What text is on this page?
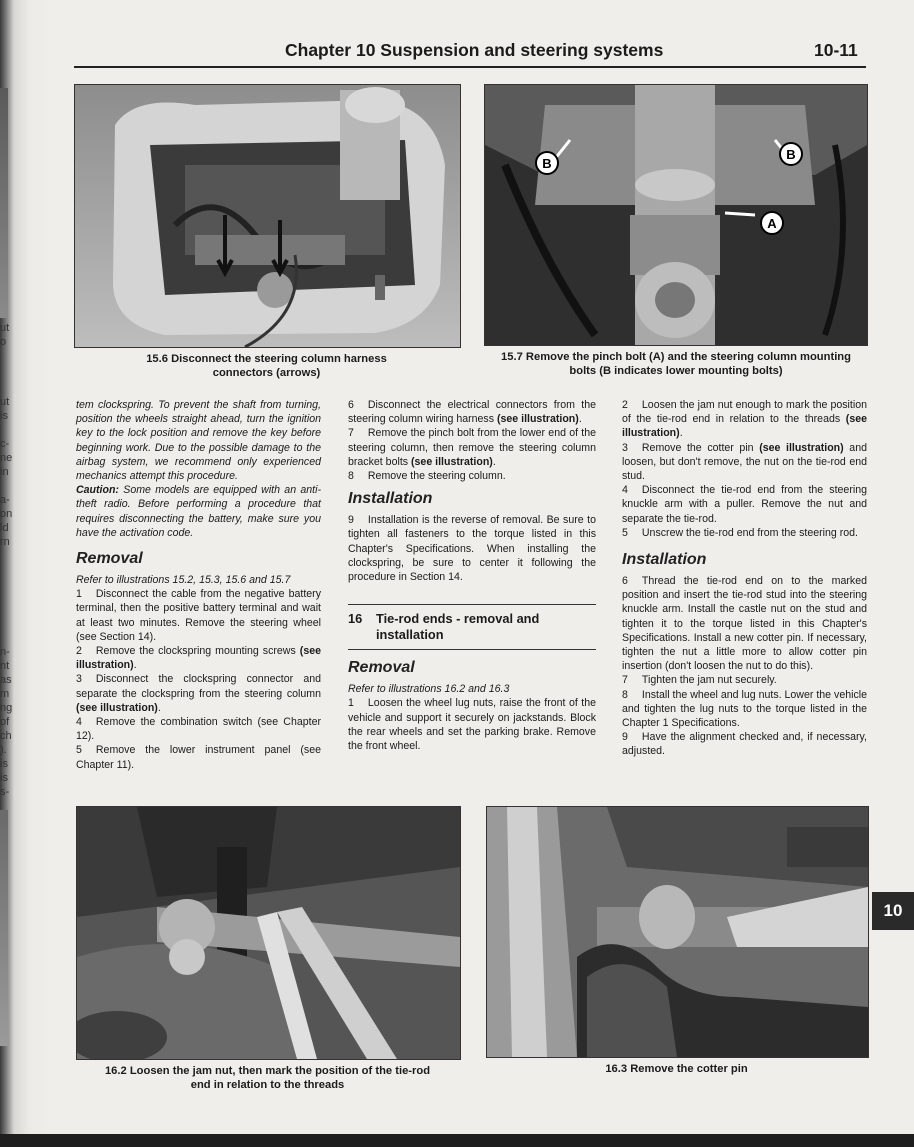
ut
o
ut
is
c-
ne
in
a-
on
ld
rn
n-
nt
as
m
ng
of
ch
).
is
is
s-
Chapter 10 Suspension and steering systems	10-11
15.6 Disconnect the steering column harness
connectors (arrows)
B
B
A
15.7 Remove the pinch bolt (A) and the steering column mounting
bolts (B indicates lower mounting bolts)

tem clockspring. To prevent the shaft from turning, position the wheels straight ahead, turn the ignition key to the lock position and remove the key before beginning work. Due to the possible damage to the airbag system, we recommend only experienced mechanics attempt this procedure.

Caution: Some models are equipped with an anti-theft radio. Before performing a procedure that requires disconnecting the battery, make sure you have the activation code.

Removal

Refer to illustrations 15.2, 15.3, 15.6 and 15.7

1 Disconnect the cable from the negative battery terminal, then the positive battery terminal and wait at least two minutes. Remove the steering wheel (see Section 14).

2 Remove the clockspring mounting screws (see illustration).

3 Disconnect the clockspring connector and separate the clockspring from the steering column (see illustration).

4 Remove the combination switch (see Chapter 12).

5 Remove the lower instrument panel (see Chapter 11).

6 Disconnect the electrical connectors from the steering column wiring harness (see illustration).

7 Remove the pinch bolt from the lower end of the steering column, then remove the steering column bracket bolts (see illustration).

8 Remove the steering column.

Installation

9 Installation is the reverse of removal. Be sure to tighten all fasteners to the torque listed in this Chapter's Specifications. When installing the clockspring, be sure to center it following the procedure in Section 14.

16 Tie-rod ends - removal and installation
Removal

Refer to illustrations 16.2 and 16.3

1 Loosen the wheel lug nuts, raise the front of the vehicle and support it securely on jackstands. Block the rear wheels and set the parking brake. Remove the front wheel.

2 Loosen the jam nut enough to mark the position of the tie-rod end in relation to the threads (see illustration).

3 Remove the cotter pin (see illustration) and loosen, but don't remove, the nut on the tie-rod end stud.

4 Disconnect the tie-rod end from the steering knuckle arm with a puller. Remove the nut and separate the tie-rod.

5 Unscrew the tie-rod end from the steering rod.

Installation

6 Thread the tie-rod end on to the marked position and insert the tie-rod stud into the steering knuckle arm. Install the castle nut on the stud and tighten it to the torque listed in this Chapter's Specifications. Install a new cotter pin. If necessary, tighten the nut a little more to allow cotter pin insertion (don't loosen the nut to do this).

7 Tighten the jam nut securely.

8 Install the wheel and lug nuts. Lower the vehicle and tighten the lug nuts to the torque listed in the Chapter 1 Specifications.

9 Have the alignment checked and, if necessary, adjusted.

16.2 Loosen the jam nut, then mark the position of the tie-rod
end in relation to the threads
16.3 Remove the cotter pin
10
